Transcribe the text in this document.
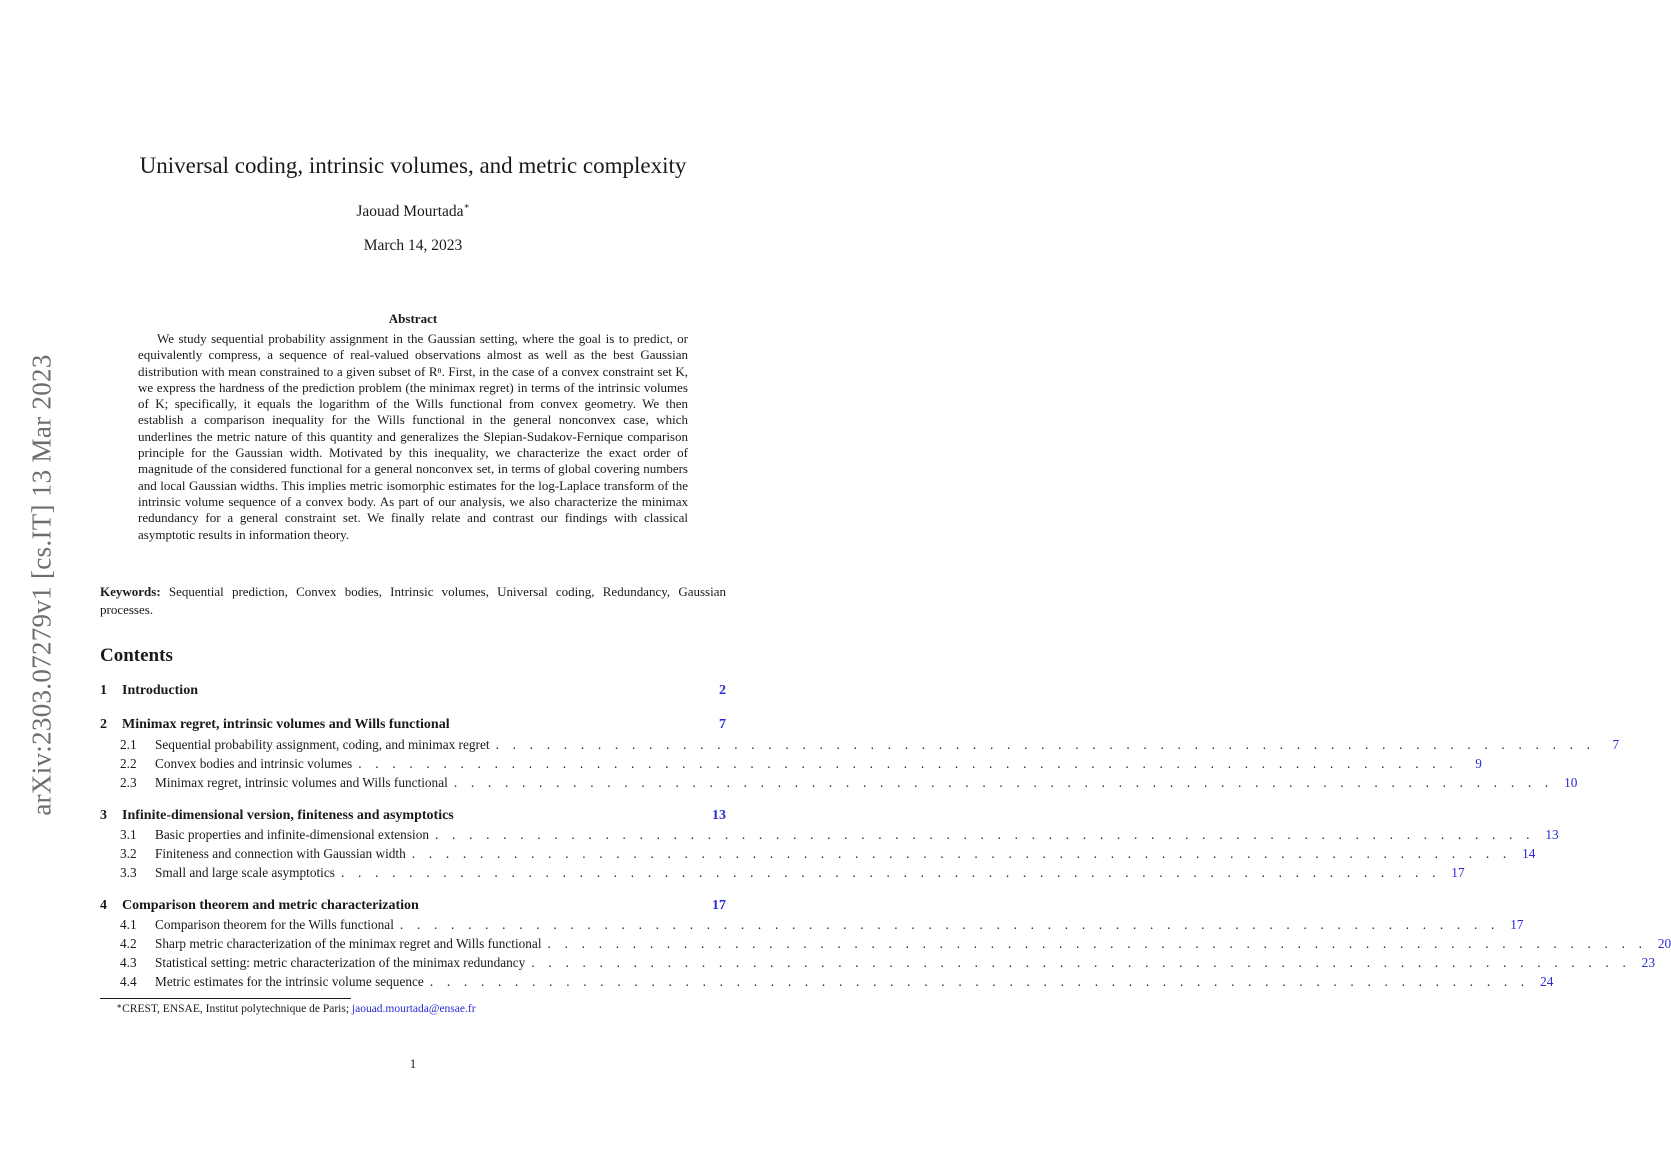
arXiv:2303.07279v1 [cs.IT] 13 Mar 2023
Universal coding, intrinsic volumes, and metric complexity
Jaouad Mourtada∗
March 14, 2023
Abstract
We study sequential probability assignment in the Gaussian setting, where the goal is to predict, or equivalently compress, a sequence of real-valued observations almost as well as the best Gaussian distribution with mean constrained to a given subset of Rⁿ. First, in the case of a convex constraint set K, we express the hardness of the prediction problem (the minimax regret) in terms of the intrinsic volumes of K; specifically, it equals the logarithm of the Wills functional from convex geometry. We then establish a comparison inequality for the Wills functional in the general nonconvex case, which underlines the metric nature of this quantity and generalizes the Slepian-Sudakov-Fernique comparison principle for the Gaussian width. Motivated by this inequality, we characterize the exact order of magnitude of the considered functional for a general nonconvex set, in terms of global covering numbers and local Gaussian widths. This implies metric isomorphic estimates for the log-Laplace transform of the intrinsic volume sequence of a convex body. As part of our analysis, we also characterize the minimax redundancy for a general constraint set. We finally relate and contrast our findings with classical asymptotic results in information theory.
Keywords: Sequential prediction, Convex bodies, Intrinsic volumes, Universal coding, Redundancy, Gaussian processes.
Contents
1	Introduction	2
2	Minimax regret, intrinsic volumes and Wills functional	7
2.1	Sequential probability assignment, coding, and minimax regret . . . . . . . . . . . . . . . . . . . . . . . . . . . . . . . . . . . . . . . . . . . . . . . . . . . . . . . . . . . . . . . . .	7
2.2	Convex bodies and intrinsic volumes . . . . . . . . . . . . . . . . . . . . . . . . . . . . . . . . . . . . . . . . . . . . . . . . . . . . . . . . . . . . . . . . .	9
2.3	Minimax regret, intrinsic volumes and Wills functional . . . . . . . . . . . . . . . . . . . . . . . . . . . . . . . . . . . . . . . . . . . . . . . . . . . . . . . . . . . . . . . . . 10
3	Infinite-dimensional version, finiteness and asymptotics	13
3.1	Basic properties and infinite-dimensional extension . . . . . . . . . . . . . . . . . . . . . . . . . . . . . . . . . . . . . . . . . . . . . . . . . . . . . . . . . . . . . . . . . 13
3.2	Finiteness and connection with Gaussian width . . . . . . . . . . . . . . . . . . . . . . . . . . . . . . . . . . . . . . . . . . . . . . . . . . . . . . . . . . . . . . . . . 14
3.3	Small and large scale asymptotics . . . . . . . . . . . . . . . . . . . . . . . . . . . . . . . . . . . . . . . . . . . . . . . . . . . . . . . . . . . . . . . . . 17
4	Comparison theorem and metric characterization	17
4.1	Comparison theorem for the Wills functional . . . . . . . . . . . . . . . . . . . . . . . . . . . . . . . . . . . . . . . . . . . . . . . . . . . . . . . . . . . . . . . . . 17
4.2	Sharp metric characterization of the minimax regret and Wills functional . . . . . . . . . . . . . . . . . . . . . . . . . . . . . . . . . . . . . . . . . . . . . . . . . . . . . . . . . . . . . . . . . 20
4.3	Statistical setting: metric characterization of the minimax redundancy . . . . . . . . . . . . . . . . . . . . . . . . . . . . . . . . . . . . . . . . . . . . . . . . . . . . . . . . . . . . . . . . . 23
4.4	Metric estimates for the intrinsic volume sequence . . . . . . . . . . . . . . . . . . . . . . . . . . . . . . . . . . . . . . . . . . . . . . . . . . . . . . . . . . . . . . . . . 24
∗CREST, ENSAE, Institut polytechnique de Paris; jaouad.mourtada@ensae.fr
1
